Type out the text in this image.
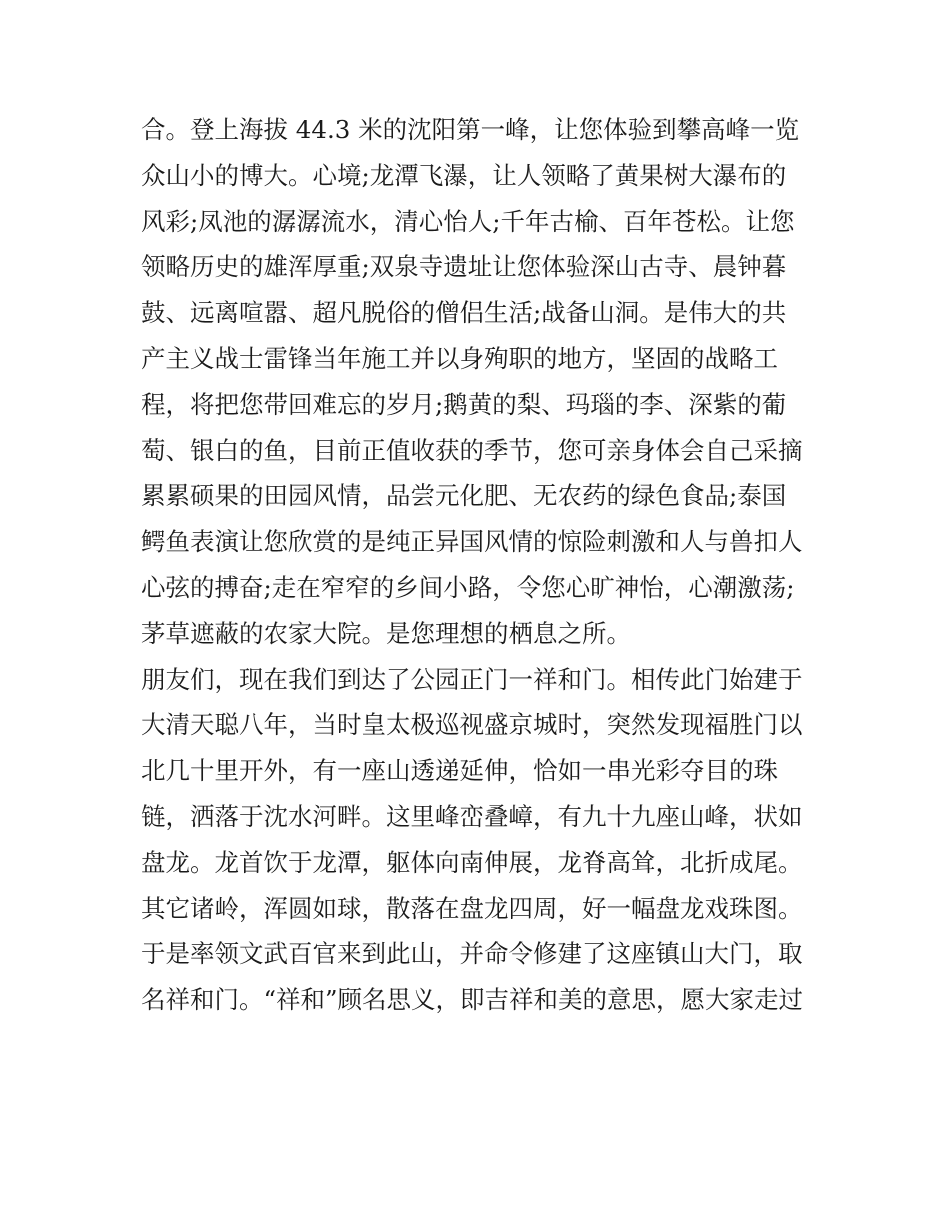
合。登上海拔 44.3 米的沈阳第一峰，让您体验到攀高峰一览
众山小的博大。心境;龙潭飞瀑，让人领略了黄果树大瀑布的
风彩;凤池的潺潺流水，清心怡人;千年古榆、百年苍松。让您
领略历史的雄浑厚重;双泉寺遗址让您体验深山古寺、晨钟暮
鼓、远离喧嚣、超凡脱俗的僧侣生活;战备山洞。是伟大的共
产主义战士雷锋当年施工并以身殉职的地方，坚固的战略工
程，将把您带回难忘的岁月;鹅黄的梨、玛瑙的李、深紫的葡
萄、银白的鱼，目前正值收获的季节，您可亲身体会自己采摘
累累硕果的田园风情，品尝元化肥、无农药的绿色食品;泰国
鳄鱼表演让您欣赏的是纯正异国风情的惊险刺激和人与兽扣人
心弦的搏奋;走在窄窄的乡间小路，令您心旷神怡，心潮激荡;
茅草遮蔽的农家大院。是您理想的栖息之所。
朋友们，现在我们到达了公园正门一祥和门。相传此门始建于
大清天聪八年，当时皇太极巡视盛京城时，突然发现福胜门以
北几十里开外，有一座山透递延伸，恰如一串光彩夺目的珠
链，洒落于沈水河畔。这里峰峦叠嶂，有九十九座山峰，状如
盘龙。龙首饮于龙潭，躯体向南伸展，龙脊高耸，北折成尾。
其它诸岭，浑圆如球，散落在盘龙四周，好一幅盘龙戏珠图。
于是率领文武百官来到此山，并命令修建了这座镇山大门，取
名祥和门。“祥和”顾名思义，即吉祥和美的意思，愿大家走过
